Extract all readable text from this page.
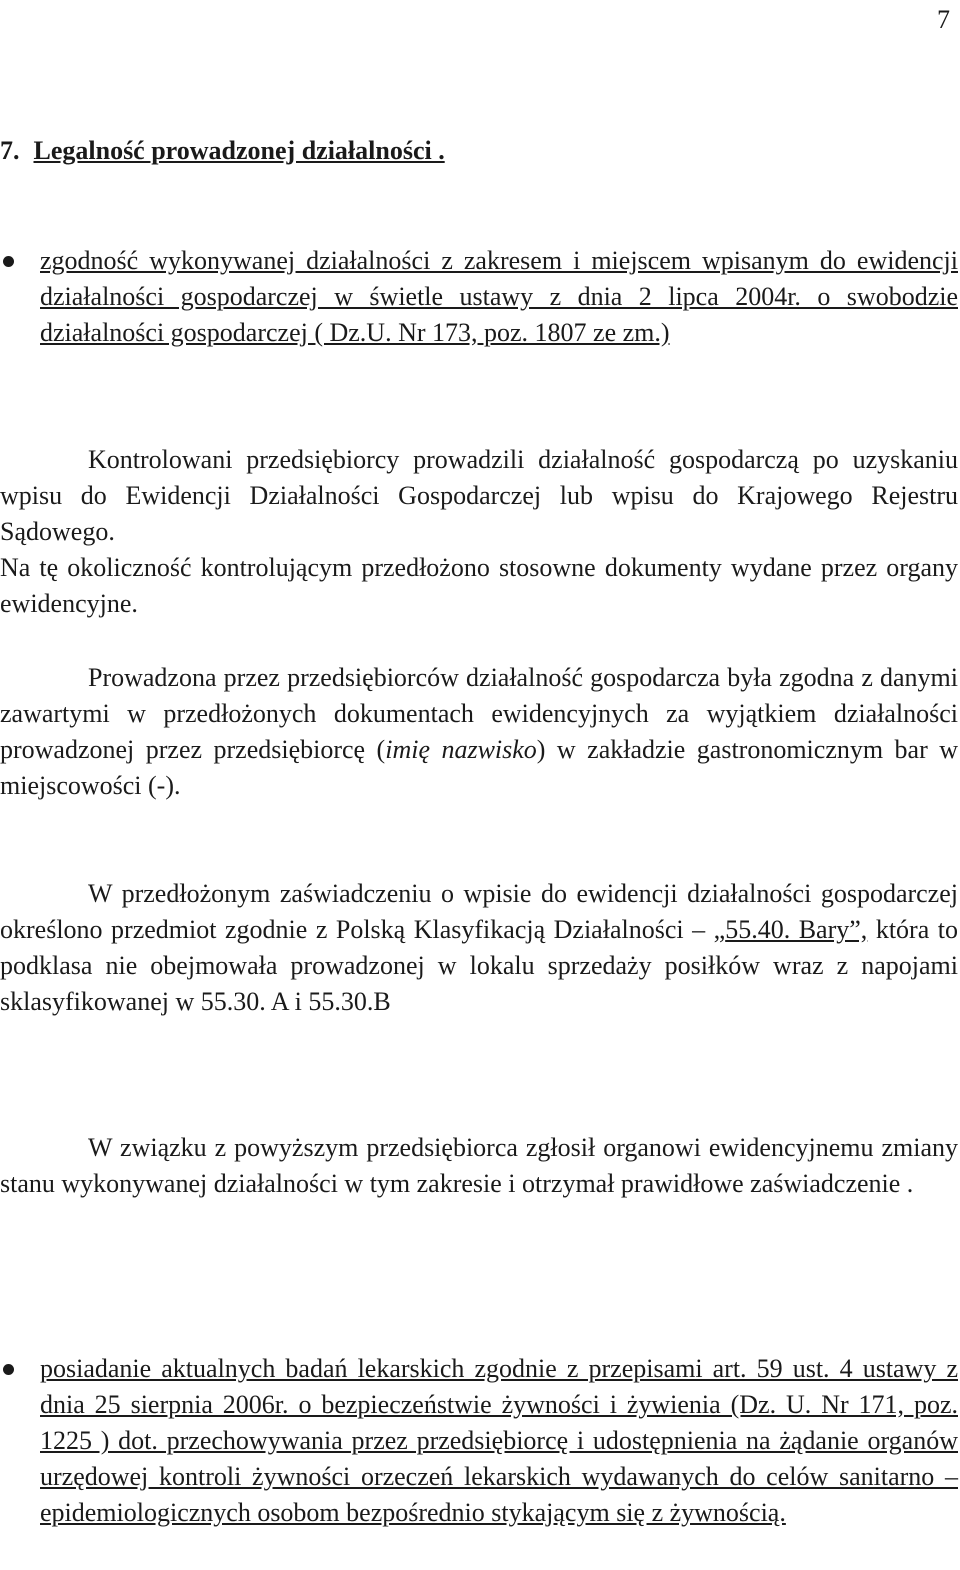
7
7. Legalność prowadzonej działalności .
zgodność wykonywanej działalności z zakresem i miejscem wpisanym do ewidencji działalności gospodarczej w świetle ustawy z dnia 2 lipca 2004r. o swobodzie działalności gospodarczej ( Dz.U. Nr 173, poz. 1807 ze zm.)
Kontrolowani przedsiębiorcy prowadzili działalność gospodarczą po uzyskaniu wpisu do Ewidencji Działalności Gospodarczej lub wpisu do Krajowego Rejestru Sądowego.
Na tę okoliczność kontrolującym przedłożono stosowne dokumenty wydane przez organy ewidencyjne.
Prowadzona przez przedsiębiorców działalność gospodarcza była zgodna z danymi zawartymi w przedłożonych dokumentach ewidencyjnych za wyjątkiem działalności prowadzonej przez przedsiębiorcę (imię nazwisko) w zakładzie gastronomicznym bar w miejscowości (-).
W przedłożonym zaświadczeniu o wpisie do ewidencji działalności gospodarczej określono przedmiot zgodnie z Polską Klasyfikacją Działalności – „55.40. Bary”, która to podklasa nie obejmowała prowadzonej w lokalu sprzedaży posiłków wraz z napojami sklasyfikowanej w 55.30. A i 55.30.B
W związku z powyższym przedsiębiorca zgłosił organowi ewidencyjnemu zmiany stanu wykonywanej działalności w tym zakresie i otrzymał prawidłowe zaświadczenie .
posiadanie aktualnych badań lekarskich zgodnie z przepisami art. 59 ust. 4 ustawy z dnia 25 sierpnia 2006r. o bezpieczeństwie żywności i żywienia (Dz. U. Nr 171, poz. 1225 ) dot. przechowywania przez przedsiębiorcę i udostępnienia na żądanie organów urzędowej kontroli żywności orzeczeń lekarskich wydawanych do celów sanitarno – epidemiologicznych osobom bezpośrednio stykającym się z żywnością.
